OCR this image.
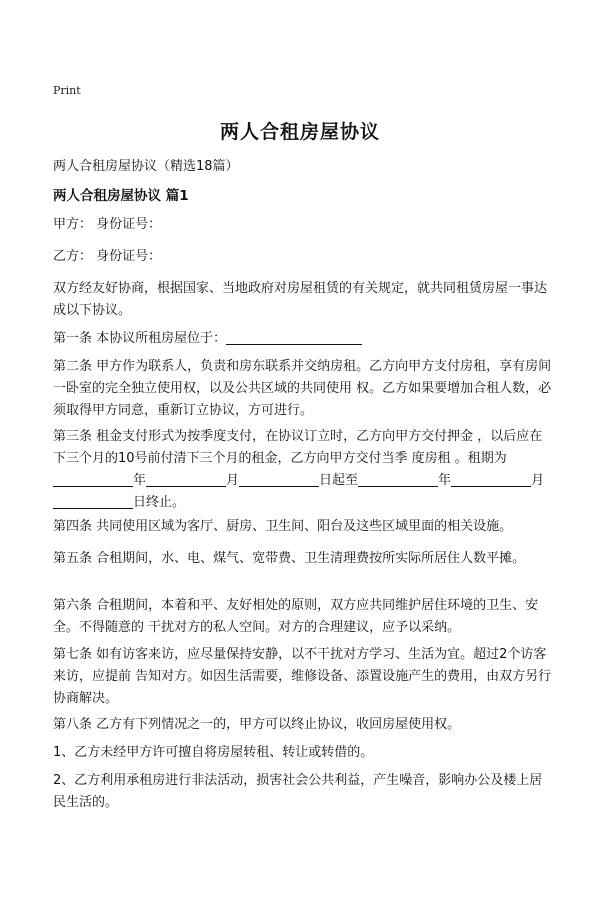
Print
两人合租房屋协议
两人合租房屋协议（精选18篇）
两人合租房屋协议 篇1

甲方： 身份证号：

乙方： 身份证号：

双方经友好协商，根据国家、当地政府对房屋租赁的有关规定，就共同租赁房屋一事达 成以下协议。

第一条 本协议所租房屋位于：

第二条 甲方作为联系人，负责和房东联系并交纳房租。乙方向甲方支付房租，享有房间一卧室的完全独立使用权，以及公共区域的共同使用 权。乙方如果要增加合租人数，必须取得甲方同意，重新订立协议，方可进行。

第三条 租金支付形式为按季度支付，在协议订立时，乙方向甲方交付押金 ，以后应在下三个月的10号前付清下三个月的租金，乙方向甲方交付当季 度房租 。租期为年	月	日起至	年	月日终止。

第四条 共同使用区域为客厅、厨房、卫生间、阳台及这些区域里面的相关设施。

第五条 合租期间，水、电、煤气、宽带费、卫生清理费按所实际所居住人数平摊。

第六条 合租期间，本着和平、友好相处的原则，双方应共同维护居住环境的卫生、安全。不得随意的 干扰对方的私人空间。对方的合理建议，应予以采纳。

第七条 如有访客来访，应尽量保持安静，以不干扰对方学习、生活为宜。超过2个访客来访，应提前 告知对方。如因生活需要，维修设备、添置设施产生的费用，由双方另行协商解决。

第八条 乙方有下列情况之一的，甲方可以终止协议，收回房屋使用权。

1、乙方未经甲方许可擅自将房屋转租、转让或转借的。

2、乙方利用承租房进行非法活动，损害社会公共利益，产生噪音，影响办公及楼上居民生活的。
